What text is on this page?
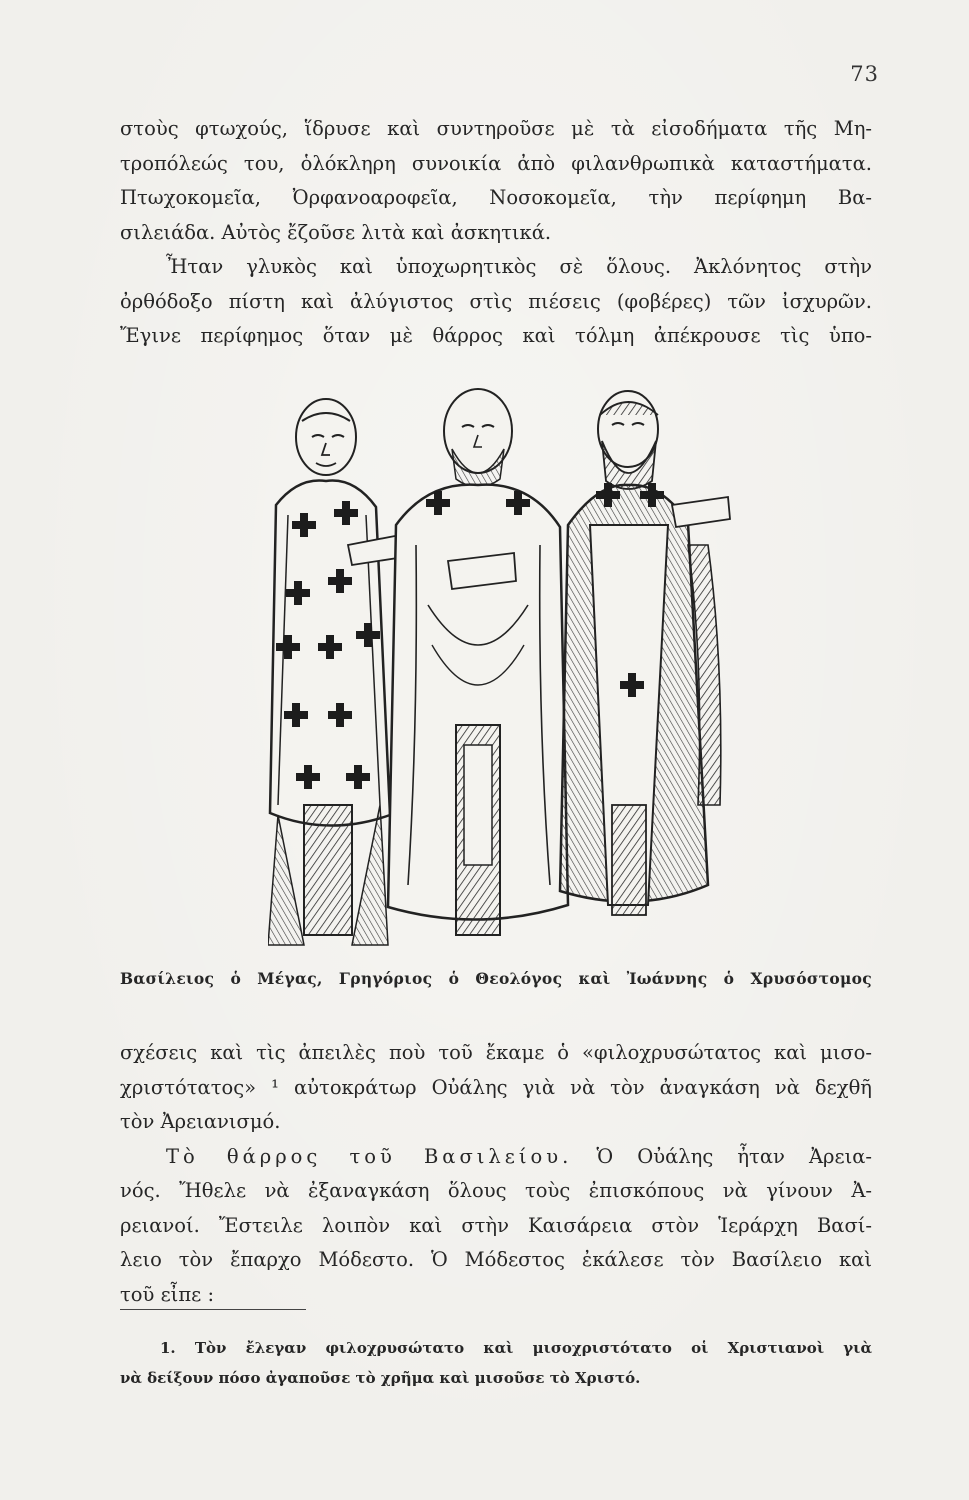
73
στοὺς φτωχούς, ἵδρυσε καὶ συντηροῦσε μὲ τὰ εἰσοδήματα τῆς Μη-
τροπόλεώς του, ὁλόκληρη συνοικία ἀπὸ φιλανθρωπικὰ καταστήματα.
Πτωχοκομεῖα, Ὀρφανοαροφεῖα, Νοσοκομεῖα, τὴν περίφημη Βα-
σιλειάδα. Αὐτὸς ἔζοῦσε λιτὰ καὶ ἀσκητικά.
Ἦταν γλυκὸς καὶ ὑποχωρητικὸς σὲ ὅλους. Ἀκλόνητος στὴν
ὀρθόδοξο πίστη καὶ ἀλύγιστος στὶς πιέσεις (φοβέρες) τῶν ἰσχυρῶν.
Ἔγινε περίφημος ὅταν μὲ θάρρος καὶ τόλμη ἀπέκρουσε τὶς ὑπο-
Βασίλειος ὁ Μέγας, Γρηγόριος ὁ Θεολόγος καὶ Ἰωάννης ὁ Χρυσόστομος
σχέσεις καὶ τὶς ἀπειλὲς ποὺ τοῦ ἔκαμε ὁ «φιλοχρυσώτατος καὶ μισο-
χριστότατος» ¹ αὐτοκράτωρ Οὐάλης γιὰ νὰ τὸν ἀναγκάση νὰ δεχθῆ
τὸν Ἀρειανισμό.
Τὸ θάρρος τοῦ Βασιλείου. Ὁ Οὐάλης ἦταν Ἀρεια-
νός. Ἤθελε νὰ ἐξαναγκάση ὅλους τοὺς ἐπισκόπους νὰ γίνουν Ἀ-
ρειανοί. Ἔστειλε λοιπὸν καὶ στὴν Καισάρεια στὸν Ἱεράρχη Βασί-
λειο τὸν ἔπαρχο Μόδεστο. Ὁ Μόδεστος ἐκάλεσε τὸν Βασίλειο καὶ
τοῦ εἶπε :
1. Τὸν ἔλεγαν φιλοχρυσώτατο καὶ μισοχριστότατο οἱ Χριστιανοὶ γιὰ
νὰ δείξουν πόσο ἀγαποῦσε τὸ χρῆμα καὶ μισοῦσε τὸ Χριστό.
